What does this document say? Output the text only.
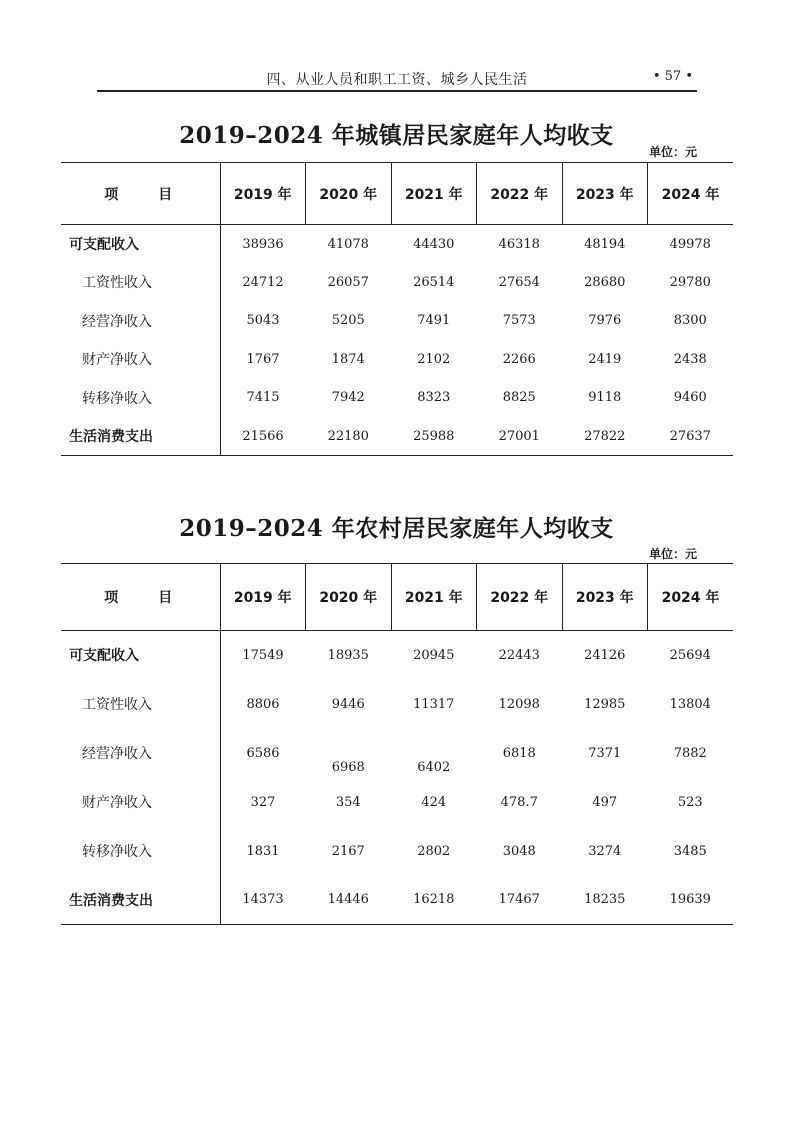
四、从业人员和职工工资、城乡人民生活	• 57 •
2019–2024 年城镇居民家庭年人均收支
单位：元
项　　目	2019 年	2020 年	2021 年	2022 年	2023 年	2024 年
可支配收入	38936	41078	44430	46318	48194	49978
工资性收入	24712	26057	26514	27654	28680	29780
经营净收入	5043	5205	7491	7573	7976	8300
财产净收入	1767	1874	2102	2266	2419	2438
转移净收入	7415	7942	8323	8825	9118	9460
生活消费支出	21566	22180	25988	27001	27822	27637
2019–2024 年农村居民家庭年人均收支
单位：元
项　　目	2019 年	2020 年	2021 年	2022 年	2023 年	2024 年
可支配收入	17549	18935	20945	22443	24126	25694
工资性收入	8806	9446	11317	12098	12985	13804
经营净收入	6586	6968	6402	6818	7371	7882
财产净收入	327	354	424	478.7	497	523
转移净收入	1831	2167	2802	3048	3274	3485
生活消费支出	14373	14446	16218	17467	18235	19639
